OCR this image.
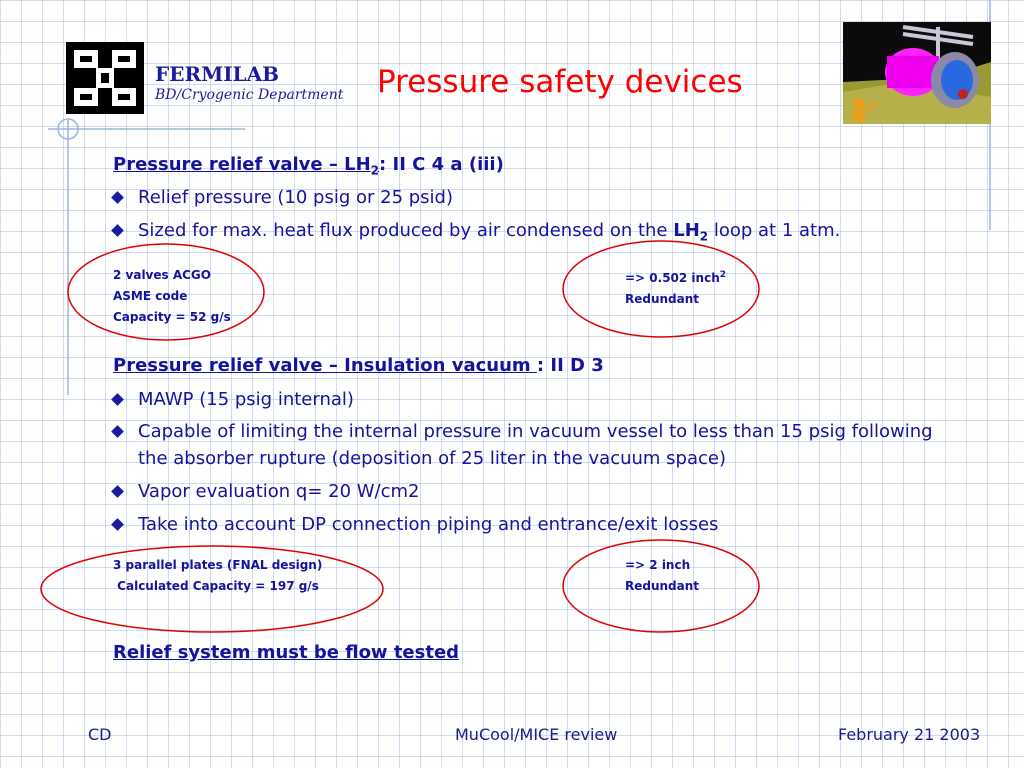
FERMILAB
BD/Cryogenic Department Pressure safety devices
Pressure relief valve – $LH_2$: II C 4 a (iii)
Relief pressure (10 psig or 25 psid)
Sized for max. heat flux produced by air condensed on the $LH_2$ loop at 1 atm.
2 valves ACGO
ASME code
Capacity = 52 g/s
=> 0.502 inch$^2$
Redundant
Pressure relief valve – Insulation vacuum : II D 3
MAWP (15 psig internal)
Capable of limiting the internal pressure in vacuum vessel to less than 15 psig following the absorber rupture (deposition of 25 liter in the vacuum space)
Vapor evaluation q= 20 W/cm2
Take into account DP connection piping and entrance/exit losses
3 parallel plates (FNAL design)
Calculated Capacity = 197 g/s
=> 2 inch
Redundant
Relief system must be flow tested
CD	MuCool/MICE review	February 21 2003
